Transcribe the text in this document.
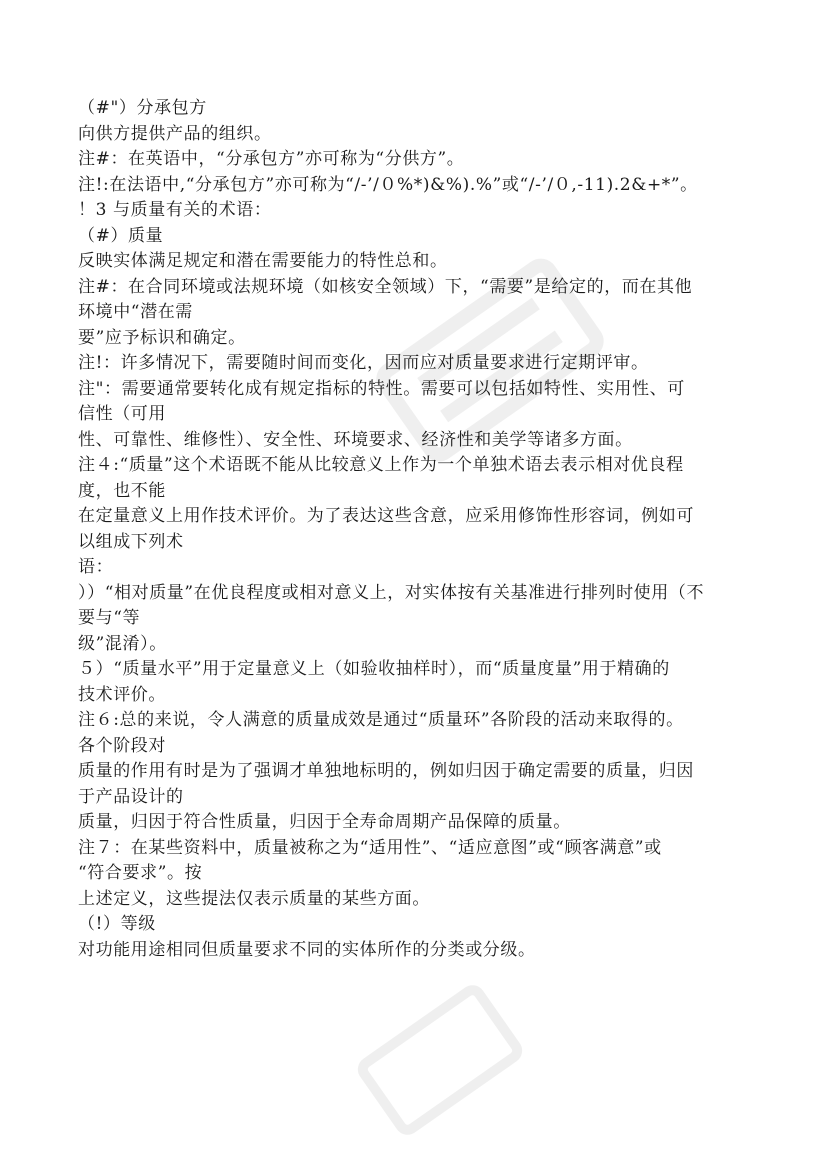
（#"）分承包方
向供方提供产品的组织。
注#：在英语中，“分承包方”亦可称为“分供方”。
注!:在法语中,“分承包方”亦可称为“/-’/０%*)&%).%”或“/-’/０,-11).2&+*”。
！3 与质量有关的术语：
（#）质量
反映实体满足规定和潜在需要能力的特性总和。
注#：在合同环境或法规环境（如核安全领域）下，“需要”是给定的，而在其他
环境中“潜在需
要”应予标识和确定。
注!：许多情况下，需要随时间而变化，因而应对质量要求进行定期评审。
注"：需要通常要转化成有规定指标的特性。需要可以包括如特性、实用性、可
信性（可用
性、可靠性、维修性）、安全性、环境要求、经济性和美学等诸多方面。
注４:“质量”这个术语既不能从比较意义上作为一个单独术语去表示相对优良程
度，也不能
在定量意义上用作技术评价。为了表达这些含意，应采用修饰性形容词，例如可
以组成下列术
语：
））“相对质量”在优良程度或相对意义上，对实体按有关基准进行排列时使用（不
要与“等
级”混淆）。
５）“质量水平”用于定量意义上（如验收抽样时），而“质量度量”用于精确的
技术评价。
注６:总的来说，令人满意的质量成效是通过“质量环”各阶段的活动来取得的。
各个阶段对
质量的作用有时是为了强调才单独地标明的，例如归因于确定需要的质量，归因
于产品设计的
质量，归因于符合性质量，归因于全寿命周期产品保障的质量。
注７：在某些资料中，质量被称之为“适用性”、“适应意图”或“顾客满意”或
“符合要求”。按
上述定义，这些提法仅表示质量的某些方面。
（!）等级
对功能用途相同但质量要求不同的实体所作的分类或分级。
